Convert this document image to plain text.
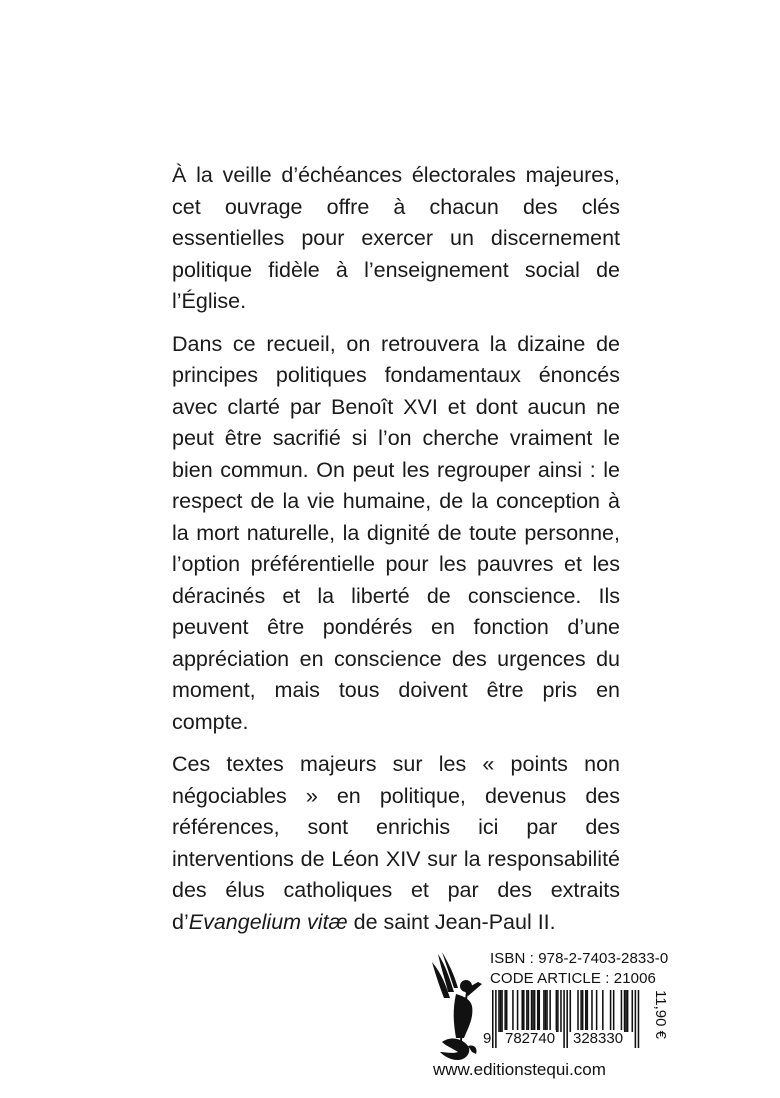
À la veille d’échéances électorales majeures, cet ouvrage offre à chacun des clés essentielles pour exercer un discernement politique fidèle à l’enseignement social de l’Église.

Dans ce recueil, on retrouvera la dizaine de principes politiques fondamentaux énoncés avec clarté par Benoît XVI et dont aucun ne peut être sacrifié si l’on cherche vraiment le bien commun. On peut les regrouper ainsi : le respect de la vie humaine, de la conception à la mort naturelle, la dignité de toute personne, l’option préférentielle pour les pauvres et les déracinés et la liberté de conscience. Ils peuvent être pondérés en fonction d’une appréciation en conscience des urgences du moment, mais tous doivent être pris en compte.

Ces textes majeurs sur les « points non négociables » en politique, devenus des références, sont enrichis ici par des interventions de Léon XIV sur la responsabilité des élus catholiques et par des extraits d’Evangelium vitæ de saint Jean-Paul II.

ISBN : 978-2-7403-2833-0
CODE ARTICLE : 21006
9 782740 328330 11,90 €
www.editionstequi.com
